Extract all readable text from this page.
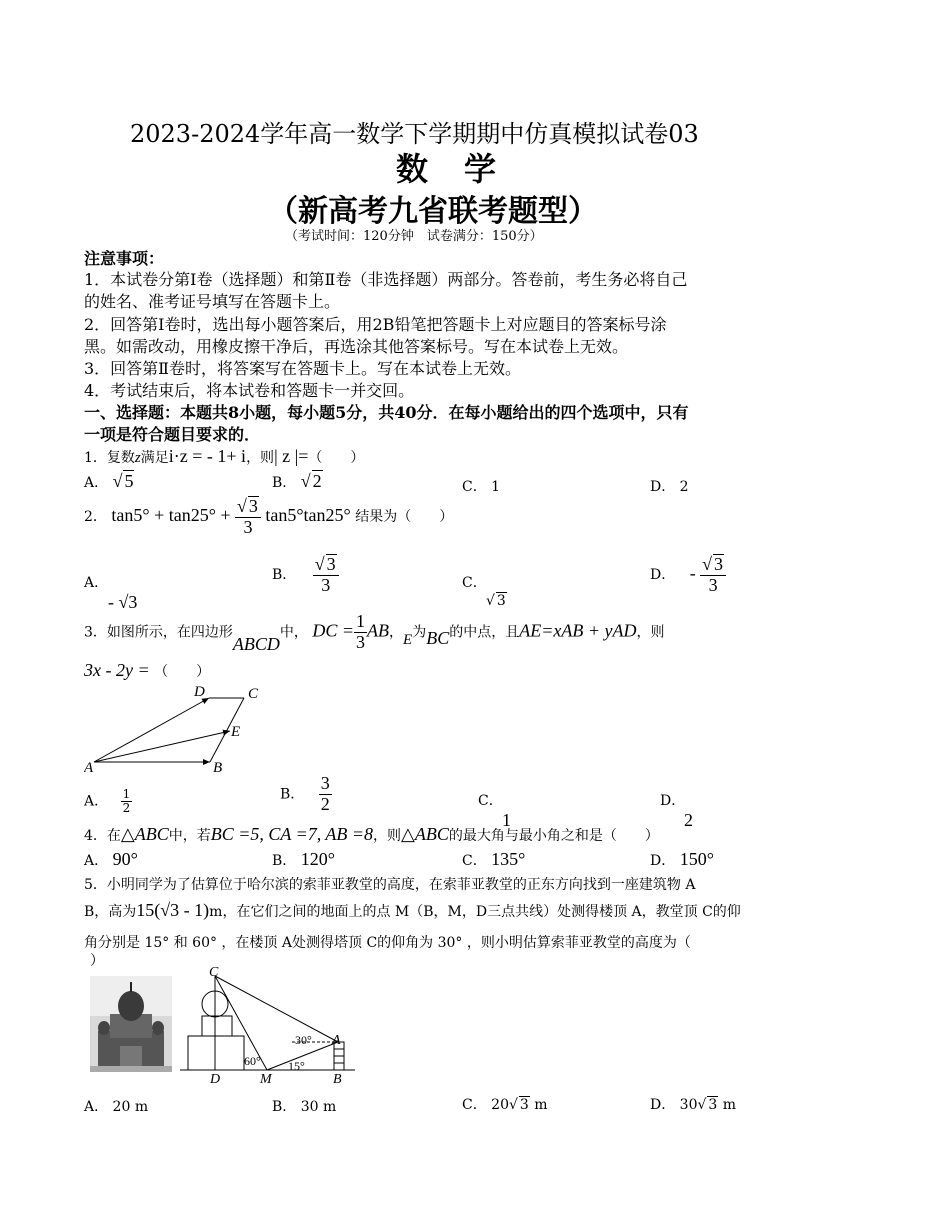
2023-2024学年高一数学下学期期中仿真模拟试卷03
数　学
（新高考九省联考题型）
（考试时间：120分钟　试卷满分：150分）
注意事项：
1．本试卷分第Ⅰ卷（选择题）和第Ⅱ卷（非选择题）两部分。答卷前，考生务必将自己
的姓名、准考证号填写在答题卡上。
2．回答第Ⅰ卷时，选出每小题答案后，用2B铅笔把答题卡上对应题目的答案标号涂
黑。如需改动，用橡皮擦干净后，再选涂其他答案标号。写在本试卷上无效。
3．回答第Ⅱ卷时，将答案写在答题卡上。写在本试卷上无效。
4．考试结束后，将本试卷和答题卡一并交回。
一、选择题：本题共8小题，每小题5分，共40分．在每小题给出的四个选项中，只有
一项是符合题目要求的．
1．复数z满足i·z = - 1+ i，则| z |=（　　）
A． √ 5	B． √ 2	C． 1	D． 2
2． $\tan 5^\circ + \tan 25^\circ + \frac{√ 3}{3} \tan 5^\circ\tan 25^\circ$ 结果为（　　）
A．
- √3
B． $\frac{√ 3}{3}$	C．
√ 3
D． - $\frac{√ 3}{3}$
3．如图所示，在四边形ABCD中， DC = $\frac{1}{3}$ AB，E为BC的中点，且AE=xAB + yAD，则
3x - 2y = （　　）
A	B
C
D
E
A． $\frac{1}{2}$	B． $\frac{3}{2}$	C．
1
D．
2
4．在△ABC中，若BC =5, CA =7, AB =8，则△ABC的最大角与最小角之和是（　　）
A． 90°	B． 120°	C． 135°	D． 150°
5．小明同学为了估算位于哈尔滨的索菲亚教堂的高度，在索菲亚教堂的正东方向找到一座建筑物 A
B，高为15(√3 - 1)m，在它们之间的地面上的点 M（B，M，D三点共线）处测得楼顶 A，教堂顶 C的仰
角分别是 15° 和 60° ，在楼顶 A处测得塔顶 C的仰角为 30° ，则小明估算索菲亚教堂的高度为（
）
C
A
D	M	B
30°
60° 15°
A． 20 m	B． 30 m	C． 20√ 3 m	D． 30√ 3 m
